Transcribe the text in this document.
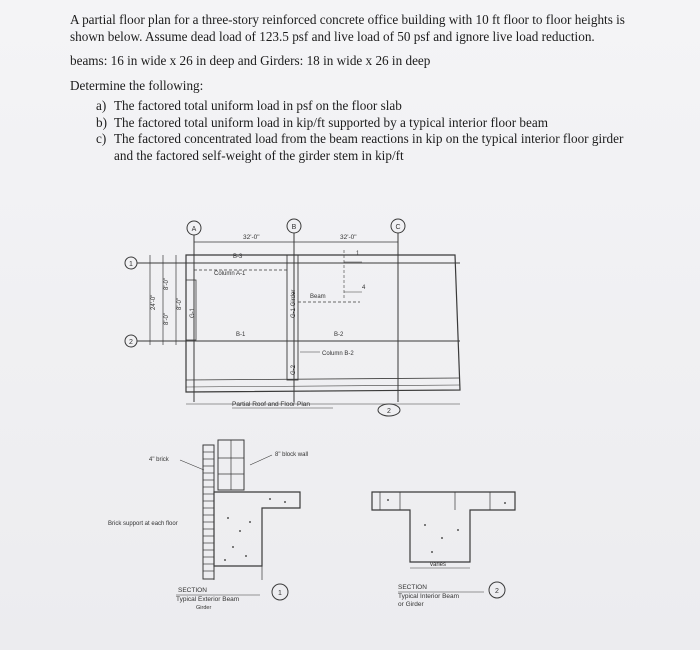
A partial floor plan for a three-story reinforced concrete office building with 10 ft floor to floor heights is shown below. Assume dead load of 123.5 psf and live load of 50 psf and ignore live load reduction.

beams: 16 in wide x 26 in deep and Girders: 18 in wide x 26 in deep

Determine the following:

a) The factored total uniform load in psf on the floor slab
b) The factored total uniform load in kip/ft supported by a typical interior floor beam
c) The factored concentrated load from the beam reactions in kip on the typical interior floor girder and the factored self-weight of the girder stem in kip/ft
A	B	C
1
2
32'-0"	32'-0"
24'-0"
8'-0"
8'-0"
8'-0"	G-1 Girder
G-2
G-1
B-3
Column A-1
Beam
B-1	B-2
Column B-2
1
4
Partial Roof and Floor Plan
2
4" brick
8" block wall
Brick support at each floor
SECTION
Typical Exterior Beam
Girder
1
varies
SECTION
Typical Interior Beam
or Girder
2
